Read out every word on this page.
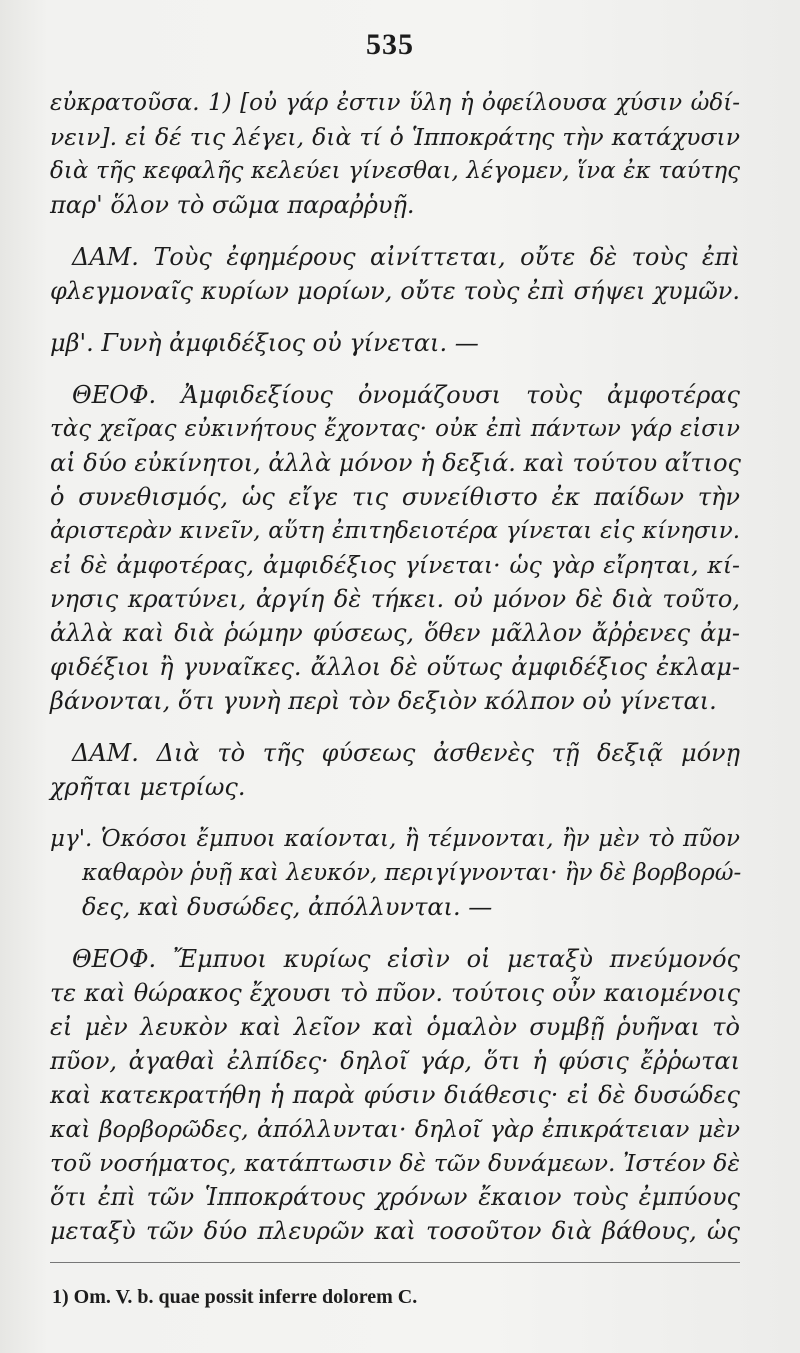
535
εὐκρατοῦσα. 1) [οὐ γάρ ἐστιν ὕλη ἡ ὀφείλουσα χύσιν ὠδί-
νειν]. εἰ δέ τις λέγει, διὰ τί ὁ Ἱπποκράτης τὴν κατάχυσιν
διὰ τῆς κεφαλῆς κελεύει γίνεσθαι, λέγομεν, ἵνα ἐκ ταύτης
παρ' ὅλον τὸ σῶμα παραῤῥυῇ.
ΔΑΜ. Τοὺς ἐφημέρους αἰνίττεται, οὔτε δὲ τοὺς ἐπὶ
φλεγμοναῖς κυρίων μορίων, οὔτε τοὺς ἐπὶ σήψει χυμῶν.
μβ'. Γυνὴ ἀμφιδέξιος οὐ γίνεται. —
ΘΕΟΦ. Ἀμφιδεξίους ὀνομάζουσι τοὺς ἀμφοτέρας
τὰς χεῖρας εὐκινήτους ἔχοντας· οὐκ ἐπὶ πάντων γάρ εἰσιν
αἱ δύο εὐκίνητοι, ἀλλὰ μόνον ἡ δεξιά. καὶ τούτου αἴτιος
ὁ συνεθισμός, ὡς εἴγε τις συνείθιστο ἐκ παίδων τὴν
ἀριστερὰν κινεῖν, αὕτη ἐπιτηδειοτέρα γίνεται εἰς κίνησιν.
εἰ δὲ ἀμφοτέρας, ἀμφιδέξιος γίνεται· ὡς γὰρ εἴρηται, κί-
νησις κρατύνει, ἀργίη δὲ τήκει. οὐ μόνον δὲ διὰ τοῦτο,
ἀλλὰ καὶ διὰ ῥώμην φύσεως, ὅθεν μᾶλλον ἄῤῥενες ἀμ-
φιδέξιοι ἢ γυναῖκες. ἄλλοι δὲ οὕτως ἀμφιδέξιος ἐκλαμ-
βάνονται, ὅτι γυνὴ περὶ τὸν δεξιὸν κόλπον οὐ γίνεται.
ΔΑΜ. Διὰ τὸ τῆς φύσεως ἀσθενὲς τῇ δεξιᾷ μόνῃ
χρῆται μετρίως.
μγ'. Ὁκόσοι ἔμπυοι καίονται, ἢ τέμνονται, ἢν μὲν τὸ πῦον
καθαρὸν ῥυῇ καὶ λευκόν, περιγίγνονται· ἢν δὲ βορβορώ-
δες, καὶ δυσώδες, ἀπόλλυνται. —
ΘΕΟΦ. Ἔμπυοι κυρίως εἰσὶν οἱ μεταξὺ πνεύμονός
τε καὶ θώρακος ἔχουσι τὸ πῦον. τούτοις οὖν καιομένοις
εἰ μὲν λευκὸν καὶ λεῖον καὶ ὁμαλὸν συμβῇ ῥυῆναι τὸ
πῦον, ἀγαθαὶ ἐλπίδες· δηλοῖ γάρ, ὅτι ἡ φύσις ἔῤῥωται
καὶ κατεκρατήθη ἡ παρὰ φύσιν διάθεσις· εἰ δὲ δυσώδες
καὶ βορβορῶδες, ἀπόλλυνται· δηλοῖ γὰρ ἐπικράτειαν μὲν
τοῦ νοσήματος, κατάπτωσιν δὲ τῶν δυνάμεων. Ἰστέον δὲ
ὅτι ἐπὶ τῶν Ἱπποκράτους χρόνων ἔκαιον τοὺς ἐμπύους
μεταξὺ τῶν δύο πλευρῶν καὶ τοσοῦτον διὰ βάθους, ὡς
1) Om. V. b. quae possit inferre dolorem C.
